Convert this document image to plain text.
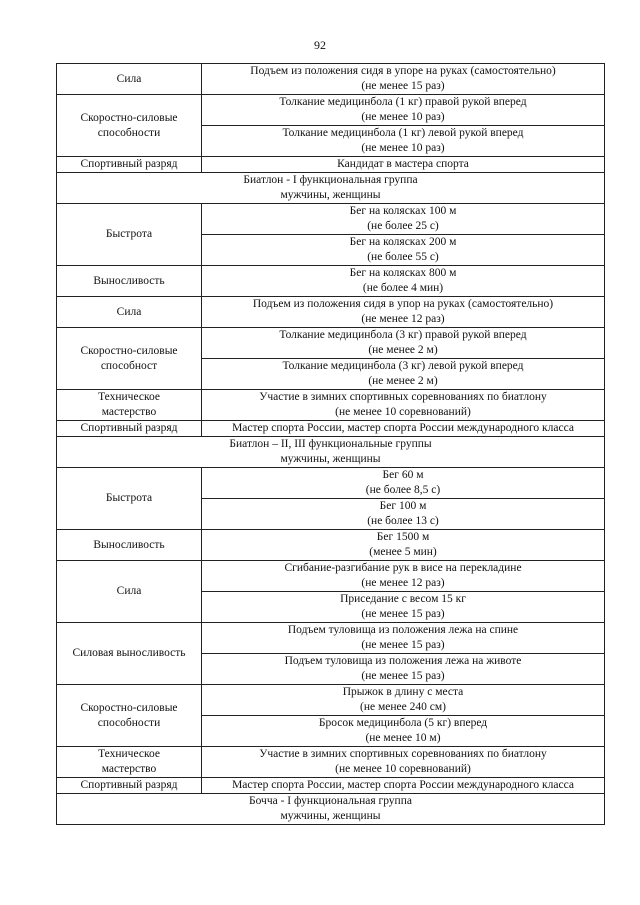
92
Сила	Подъем из положения сидя в упоре на руках (самостоятельно)
(не менее 15 раз)

Скоростно-силовые
способности	Толкание медицинбола (1 кг) правой рукой вперед
(не менее 10 раз)

	Толкание медицинбола (1 кг) левой рукой вперед
(не менее 10 раз)

Спортивный разряд	Кандидат в мастера спорта

Биатлон - I функциональная группа
мужчины, женщины	

Быстрота	Бег на колясках 100 м
(не более 25 с)

	Бег на колясках 200 м
(не более 55 с)

Выносливость	Бег на колясках 800 м
(не более 4 мин)

Сила	Подъем из положения сидя в упор на руках (самостоятельно)
(не менее 12 раз)

Скоростно-силовые
способност	Толкание медицинбола (3 кг) правой рукой вперед
(не менее 2 м)

	Толкание медицинбола (3 кг) левой рукой вперед
(не менее 2 м)

Техническое
мастерство	Участие в зимних спортивных соревнованиях по биатлону
(не менее 10 соревнований)

Спортивный разряд	Мастер спорта России, мастер спорта России международного класса

Биатлон – II, III функциональные группы
мужчины, женщины	

Быстрота	Бег 60 м
(не более 8,5 с)

	Бег 100 м
(не более 13 с)

Выносливость	Бег 1500 м
(менее 5 мин)

Сила	Сгибание-разгибание рук в висе на перекладине
(не менее 12 раз)

	Приседание с весом 15 кг
(не менее 15 раз)

Силовая выносливость	Подъем туловища из положения лежа на спине
(не менее 15 раз)

	Подъем туловища из положения лежа на животе
(не менее 15 раз)

Скоростно-силовые
способности	Прыжок в длину с места
(не менее 240 см)

	Бросок медицинбола (5 кг) вперед
(не менее 10 м)

Техническое
мастерство	Участие в зимних спортивных соревнованиях по биатлону
(не менее 10 соревнований)

Спортивный разряд	Мастер спорта России, мастер спорта России международного класса

Бочча - I функциональная группа
мужчины, женщины	
